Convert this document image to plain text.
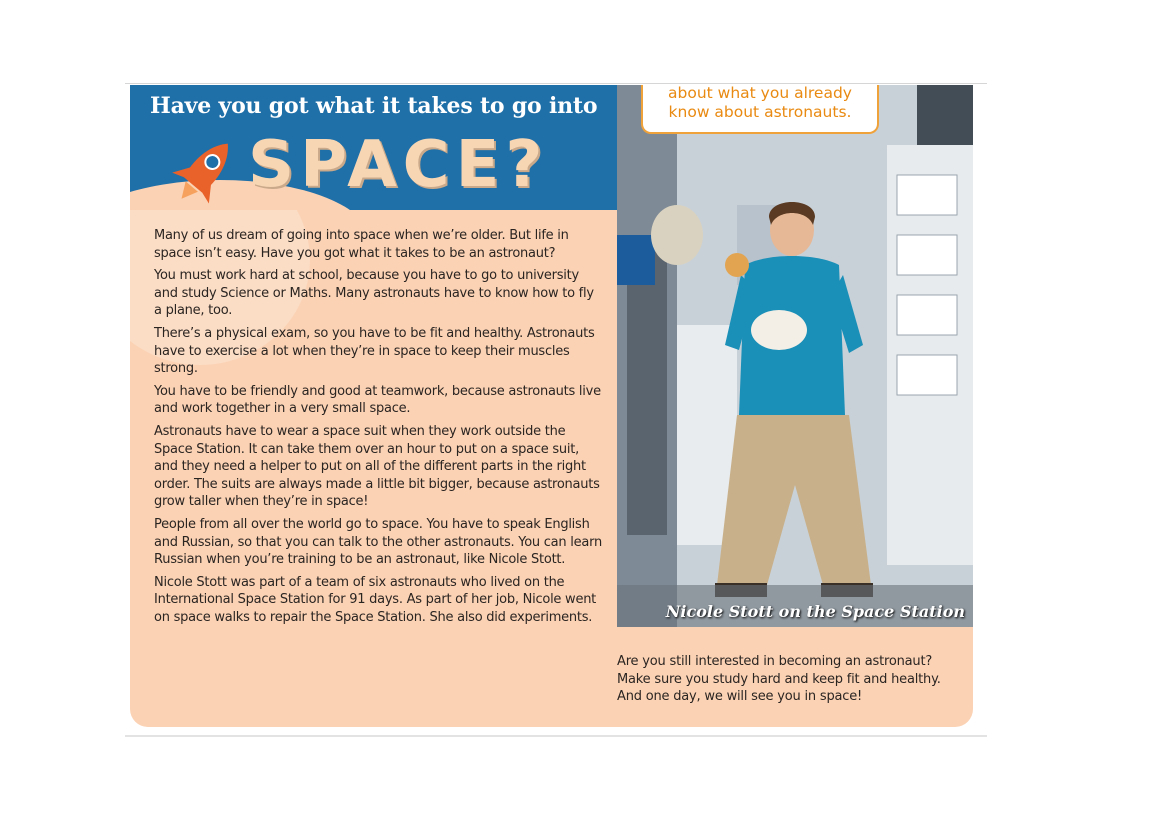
Have you got what it takes to go into
SPACE?

Many of us dream of going into space when we’re older. But life in space isn’t easy. Have you got what it takes to be an astronaut?

You must work hard at school, because you have to go to university and study Science or Maths. Many astronauts have to know how to fly a plane, too.

There’s a physical exam, so you have to be fit and healthy. Astronauts have to exercise a lot when they’re in space to keep their muscles strong.

You have to be friendly and good at teamwork, because astronauts live and work together in a very small space.

Astronauts have to wear a space suit when they work outside the Space Station. It can take them over an hour to put on a space suit, and they need a helper to put on all of the different parts in the right order. The suits are always made a little bit bigger, because astronauts grow taller when they’re in space!

People from all over the world go to space. You have to speak English and Russian, so that you can talk to the other astronauts. You can learn Russian when you’re training to be an astronaut, like Nicole Stott.

Nicole Stott was part of a team of six astronauts who lived on the International Space Station for 91 days. As part of her job, Nicole went on space walks to repair the Space Station. She also did experiments.	Nicole Stott on the Space Station
about what you already
know about astronauts.

Are you still interested in becoming an astronaut? Make sure you study hard and keep fit and healthy. And one day, we will see you in space!
